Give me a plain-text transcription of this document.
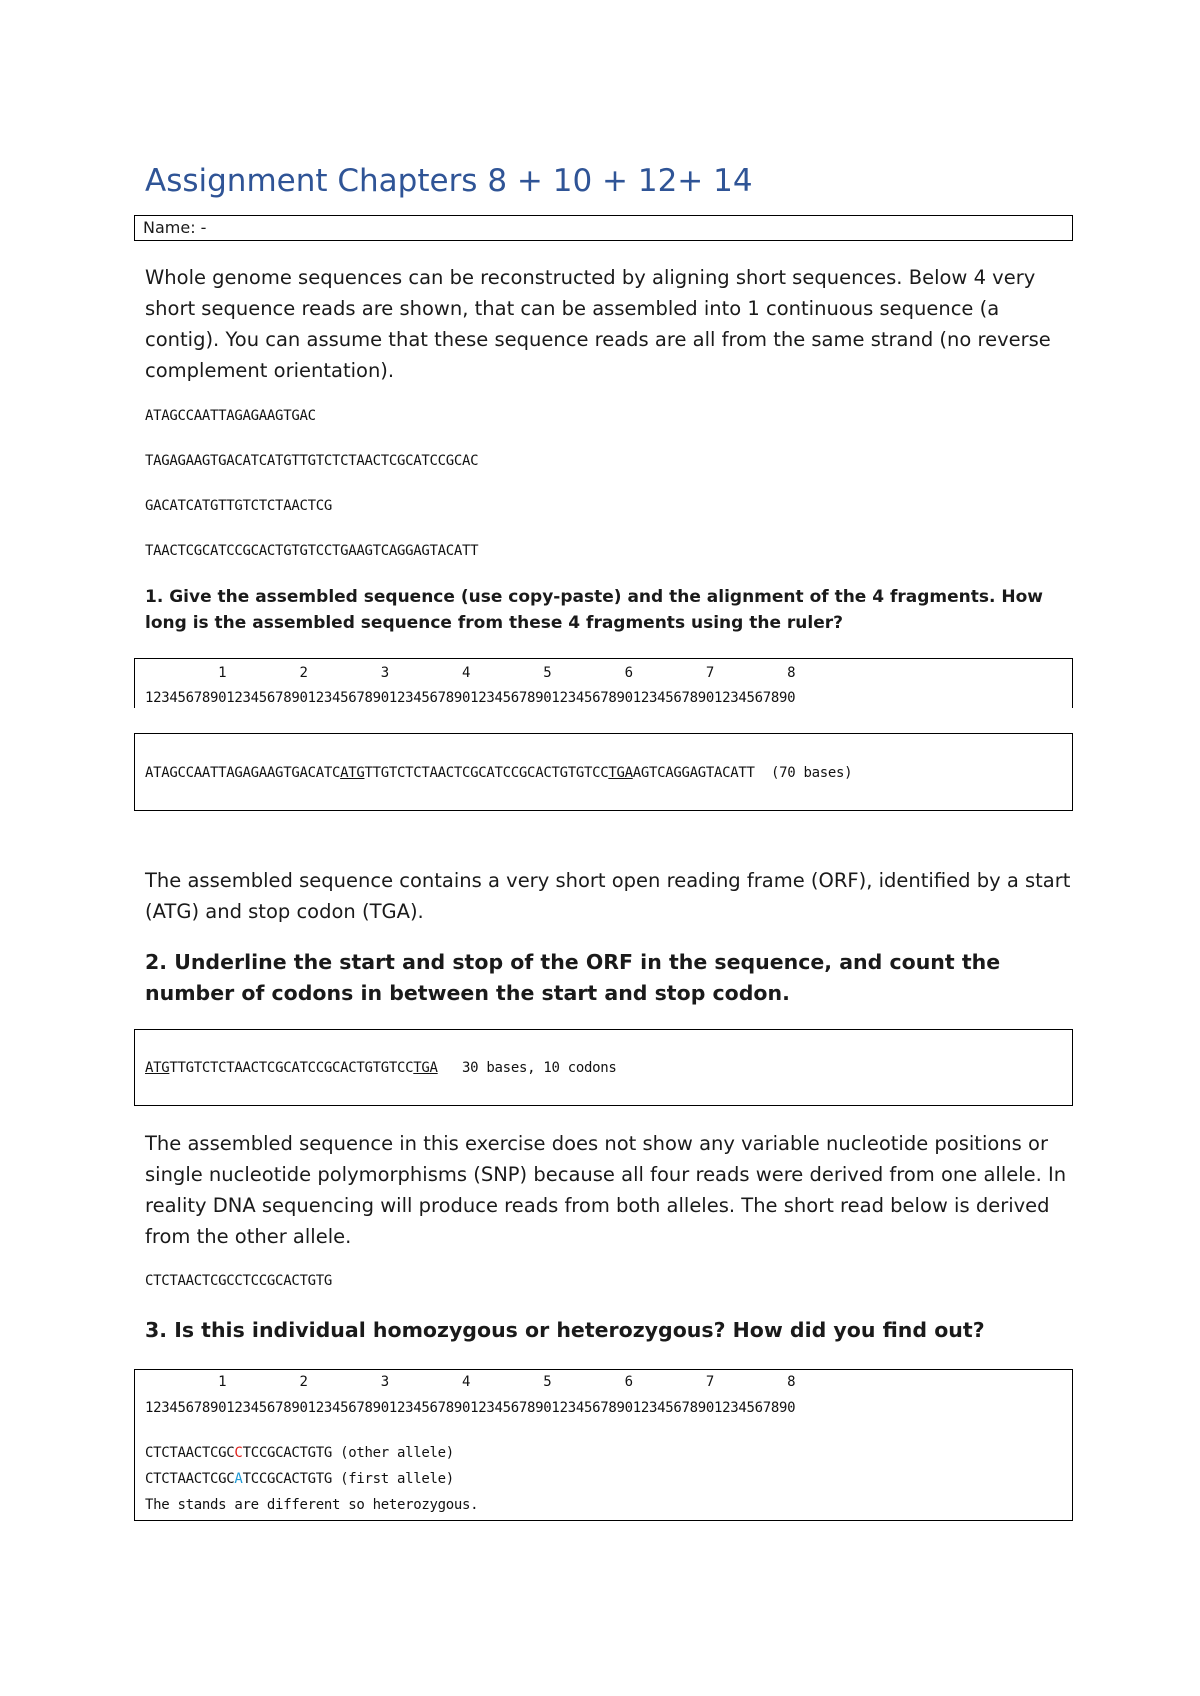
Assignment Chapters 8 + 10 + 12+ 14
Name: -

Whole genome sequences can be reconstructed by aligning short sequences. Below 4 very short sequence reads are shown, that can be assembled into 1 continuous sequence (a contig). You can assume that these sequence reads are all from the same strand (no reverse complement orientation).

ATAGCCAATTAGAGAAGTGAC
TAGAGAAGTGACATCATGTTGTCTCTAACTCGCATCCGCAC
GACATCATGTTGTCTCTAACTCG
TAACTCGCATCCGCACTGTGTCCTGAAGTCAGGAGTACATT
1. Give the assembled sequence (use copy-paste) and the alignment of the 4 fragments. How long is the assembled sequence from these 4 fragments using the ruler?
1         2         3         4         5         6         7         8
12345678901234567890123456789012345678901234567890123456789012345678901234567890
ATAGCCAATTAGAGAAGTGACATCATGTTGTCTCTAACTCGCATCCGCACTGTGTCCTGAAGTCAGGAGTACATT  (70 bases)

The assembled sequence contains a very short open reading frame (ORF), identified by a start (ATG) and stop codon (TGA).

2. Underline the start and stop of the ORF in the sequence, and count the number of codons in between the start and stop codon.
ATGTTGTCTCTAACTCGCATCCGCACTGTGTCCTGA   30 bases, 10 codons

The assembled sequence in this exercise does not show any variable nucleotide positions or single nucleotide polymorphisms (SNP) because all four reads were derived from one allele. In reality DNA sequencing will produce reads from both alleles. The short read below is derived from the other allele.

CTCTAACTCGCCTCCGCACTGTG
3. Is this individual homozygous or heterozygous? How did you find out?
1         2         3         4         5         6         7         8
12345678901234567890123456789012345678901234567890123456789012345678901234567890
CTCTAACTCGCCTCCGCACTGTG (other allele)
CTCTAACTCGCATCCGCACTGTG (first allele)
The stands are different so heterozygous.
